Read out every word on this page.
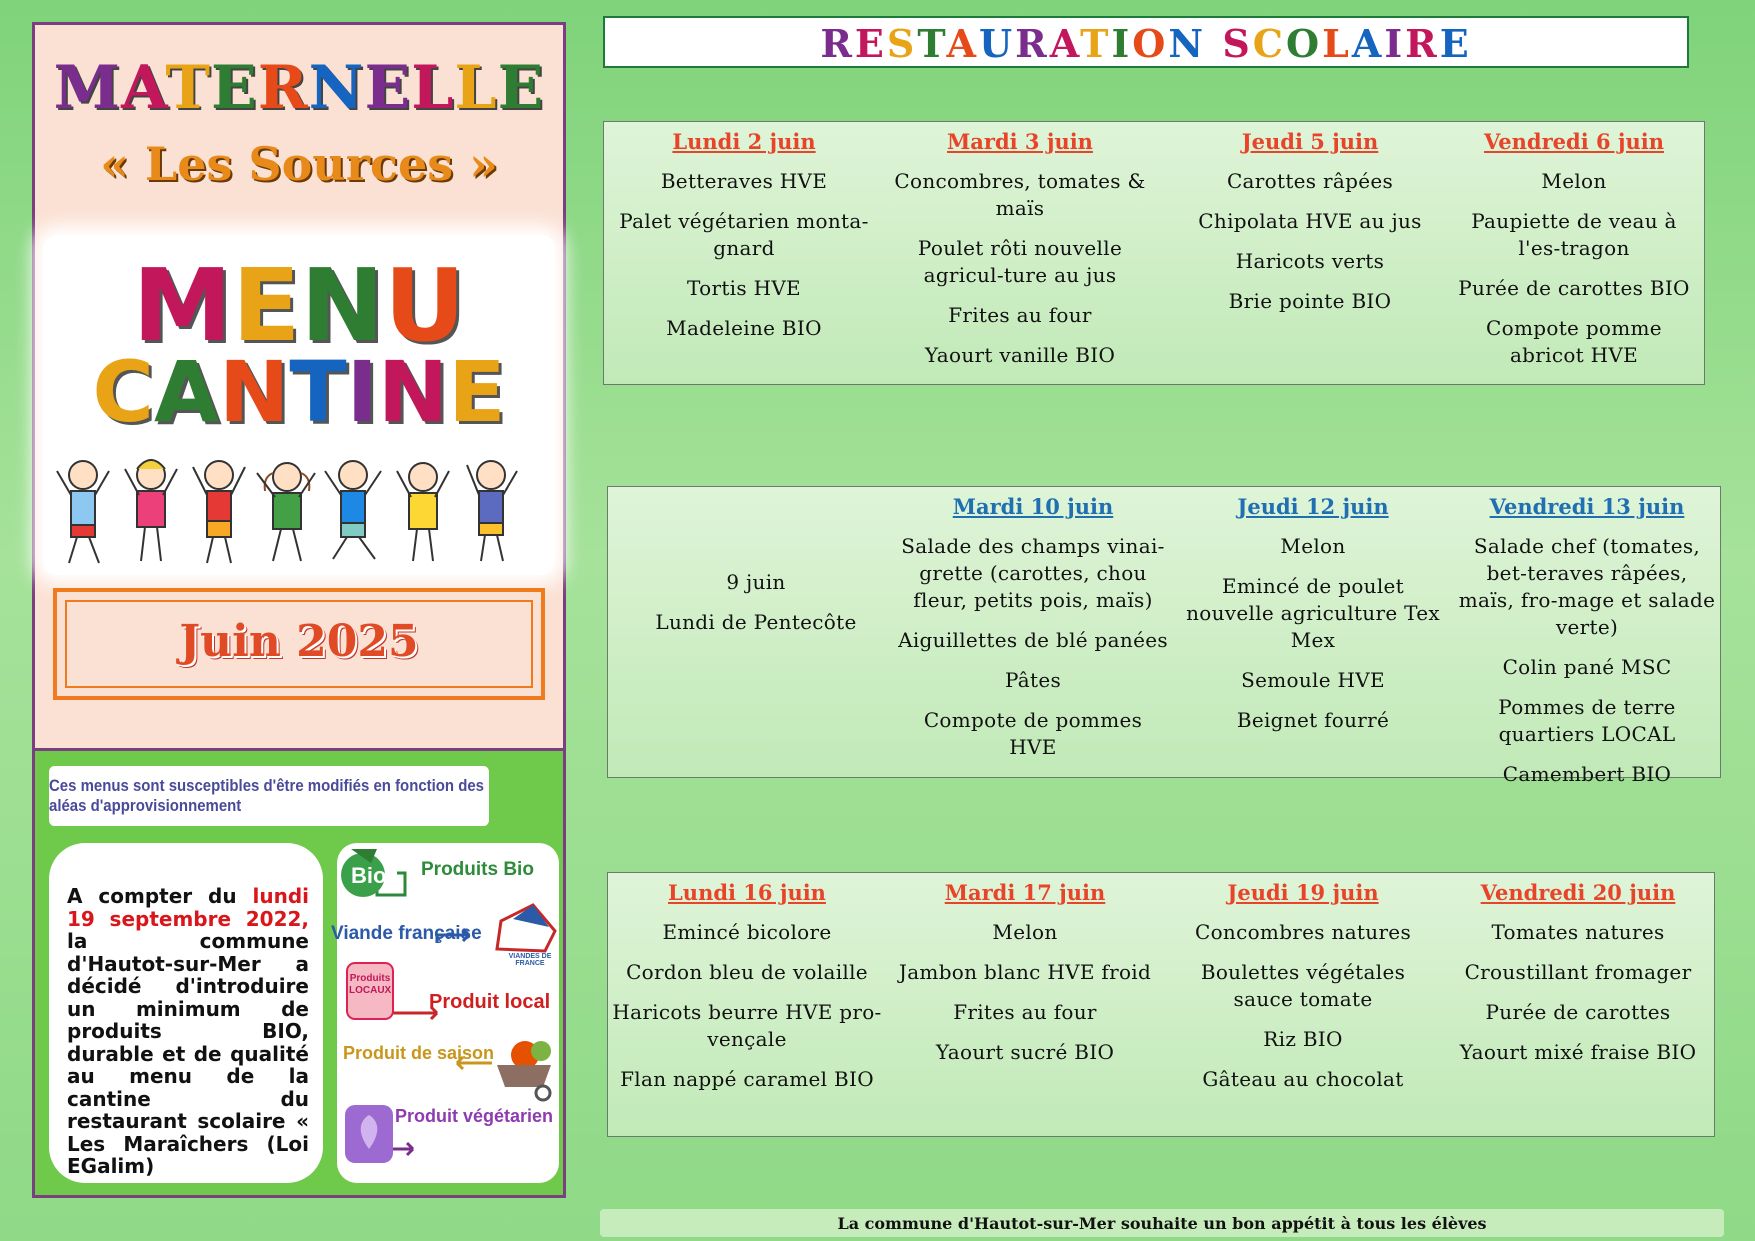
MATERNELLE
« Les Sources »
MENU
CANTINE
Juin 2025
Ces menus sont susceptibles d'être modifiés en fonction des aléas d'approvisionnement
A compter du lundi 19 septembre 2022, la commune d'Hautot-sur-Mer a décidé d'introduire un minimum de produits BIO, durable et de qualité au menu de la cantine du restaurant scolaire « Les Maraîchers (Loi EGalim)
Bio Produits Bio
Viande française
VIANDES DE FRANCE
Produits LOCAUX
Produit local
Produit de saison
Produit végétarien
RESTAURATION SCOLAIRE
Lundi 2 juin
Betteraves HVE
Palet végétarien monta-gnard
Tortis HVE
Madeleine BIO
Mardi 3 juin
Concombres, tomates & maïs
Poulet rôti nouvelle agricul-ture au jus
Frites au four
Yaourt vanille BIO
Jeudi 5 juin
Carottes râpées
Chipolata HVE au jus
Haricots verts
Brie pointe BIO
Vendredi 6 juin
Melon
Paupiette de veau à l'es-tragon
Purée de carottes BIO
Compote pomme abricot HVE
9 juin
Lundi de Pentecôte
Mardi 10 juin
Salade des champs vinai-grette (carottes, chou fleur, petits pois, maïs)
Aiguillettes de blé panées
Pâtes
Compote de pommes HVE
Jeudi 12 juin
Melon
Emincé de poulet nouvelle agriculture Tex Mex
Semoule HVE
Beignet fourré
Vendredi 13 juin
Salade chef (tomates, bet-teraves râpées, maïs, fro-mage et salade verte)
Colin pané MSC
Pommes de terre quartiers LOCAL
Camembert BIO
Lundi 16 juin
Emincé bicolore
Cordon bleu de volaille
Haricots beurre HVE pro-vençale
Flan nappé caramel BIO
Mardi 17 juin
Melon
Jambon blanc HVE froid
Frites au four
Yaourt sucré BIO
Jeudi 19 juin
Concombres natures
Boulettes végétales sauce tomate
Riz BIO
Gâteau au chocolat
Vendredi 20 juin
Tomates natures
Croustillant fromager
Purée de carottes
Yaourt mixé fraise BIO
La commune d'Hautot-sur-Mer souhaite un bon appétit à tous les élèves
